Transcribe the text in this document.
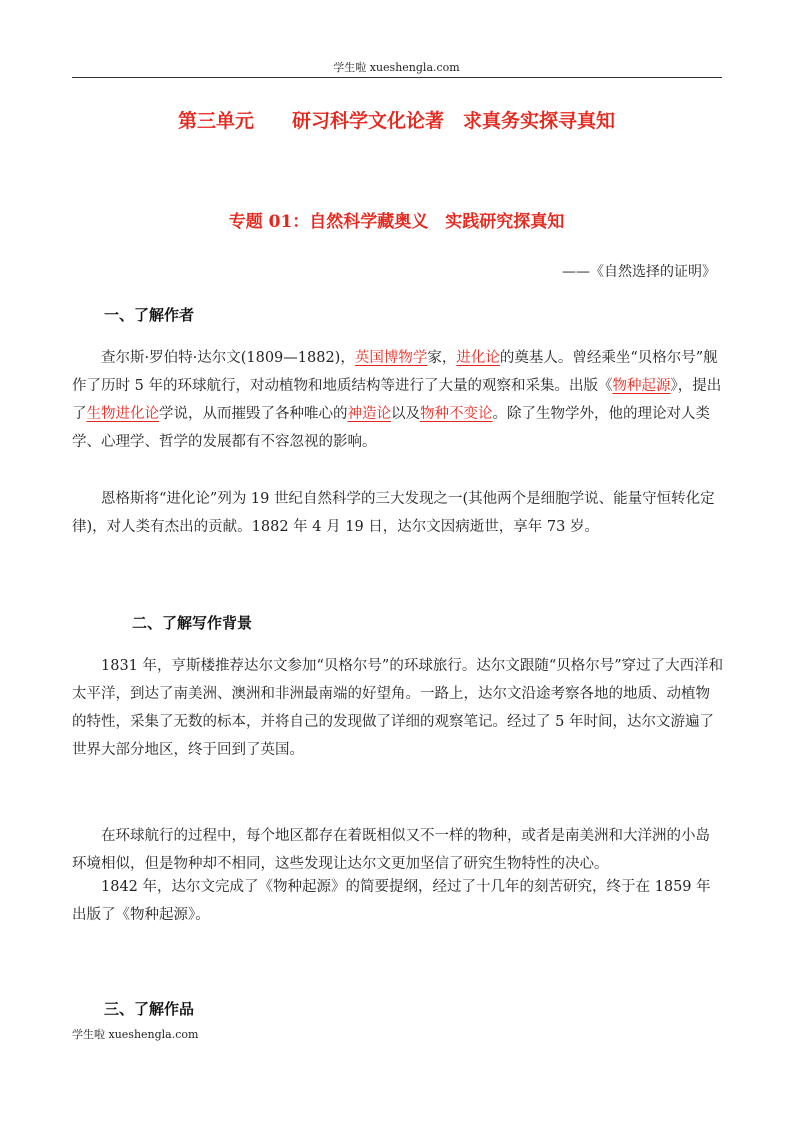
学生啦 xueshengla.com
第三单元　　研习科学文化论著　求真务实探寻真知
专题 01：自然科学藏奥义　实践研究探真知
——《自然选择的证明》
一、了解作者

查尔斯·罗伯特·达尔文(1809—1882)，英国博物学家，进化论的奠基人。曾经乘坐“贝格尔号”舰作了历时 5 年的环球航行，对动植物和地质结构等进行了大量的观察和采集。出版《物种起源》，提出了生物进化论学说，从而摧毁了各种唯心的神造论以及物种不变论。除了生物学外，他的理论对人类学、心理学、哲学的发展都有不容忽视的影响。

恩格斯将“进化论”列为 19 世纪自然科学的三大发现之一(其他两个是细胞学说、能量守恒转化定律)，对人类有杰出的贡献。1882 年 4 月 19 日，达尔文因病逝世，享年 73 岁。

二、了解写作背景

1831 年，亨斯楼推荐达尔文参加“贝格尔号”的环球旅行。达尔文跟随“贝格尔号”穿过了大西洋和太平洋，到达了南美洲、澳洲和非洲最南端的好望角。一路上，达尔文沿途考察各地的地质、动植物的特性，采集了无数的标本，并将自己的发现做了详细的观察笔记。经过了 5 年时间，达尔文游遍了世界大部分地区，终于回到了英国。

在环球航行的过程中，每个地区都存在着既相似又不一样的物种，或者是南美洲和大洋洲的小岛环境相似，但是物种却不相同，这些发现让达尔文更加坚信了研究生物特性的决心。

1842 年，达尔文完成了《物种起源》的简要提纲，经过了十几年的刻苦研究，终于在 1859 年出版了《物种起源》。

三、了解作品
学生啦 xueshengla.com
